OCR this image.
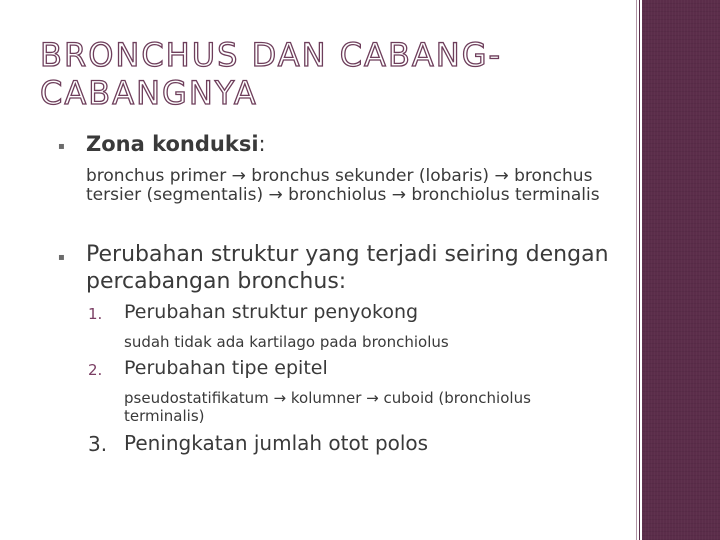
BRONCHUS DAN CABANG-CABANGNYA
▪ Zona konduksi:
bronchus primer → bronchus sekunder (lobaris) → bronchus tersier (segmentalis) → bronchiolus → bronchiolus terminalis
▪ Perubahan struktur yang terjadi seiring dengan percabangan bronchus:
1. Perubahan struktur penyokong
sudah tidak ada kartilago pada bronchiolus
2. Perubahan tipe epitel
pseudostatifikatum → kolumner → cuboid (bronchiolus terminalis)
3. Peningkatan jumlah otot polos
